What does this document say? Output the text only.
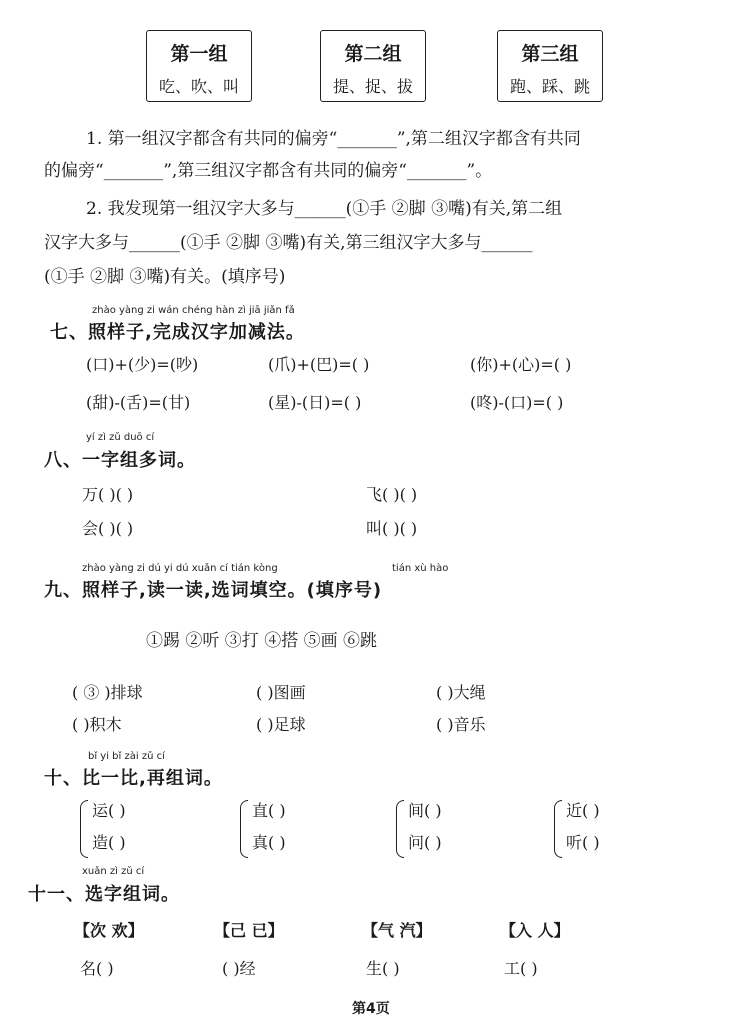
第一组
吃、吹、叫
第二组
提、捉、拔
第三组
跑、踩、跳
1. 第一组汉字都含有共同的偏旁“_______”,第二组汉字都含有共同
的偏旁“_______”,第三组汉字都含有共同的偏旁“_______”。
2. 我发现第一组汉字大多与______(①手 ②脚 ③嘴)有关,第二组
汉字大多与______(①手 ②脚 ③嘴)有关,第三组汉字大多与______
(①手 ②脚 ③嘴)有关。(填序号)
zhào yàng zi wán chéng hàn zì jiā jiǎn fǎ
七、照样子,完成汉字加减法。
(口)+(少)=(吵)	(爪)+(巴)=( )	(你)+(心)=( )
(甜)-(舌)=(甘)	(星)-(日)=( )	(咚)-(口)=( )
yí zì zǔ duō cí
八、一字组多词。
万( )( )	飞( )( )
会( )( )	叫( )( )
zhào yàng zi dú yi dú xuǎn cí tián kòng	tián xù hào
九、照样子,读一读,选词填空。(填序号)
①踢 ②听 ③打 ④搭 ⑤画 ⑥跳
( ③ )排球	( )图画	( )大绳
( )积木	( )足球	( )音乐
bǐ yi bǐ zài zǔ cí
十、比一比,再组词。
运( )
造( )
直( )
真( )
间( )
问( )
近( )
听( )
xuǎn zì zǔ cí
十一、选字组词。
【次 欢】	【己 已】	【气 汽】	【入 人】
名( )	( )经	生( )	工( )
第4页
